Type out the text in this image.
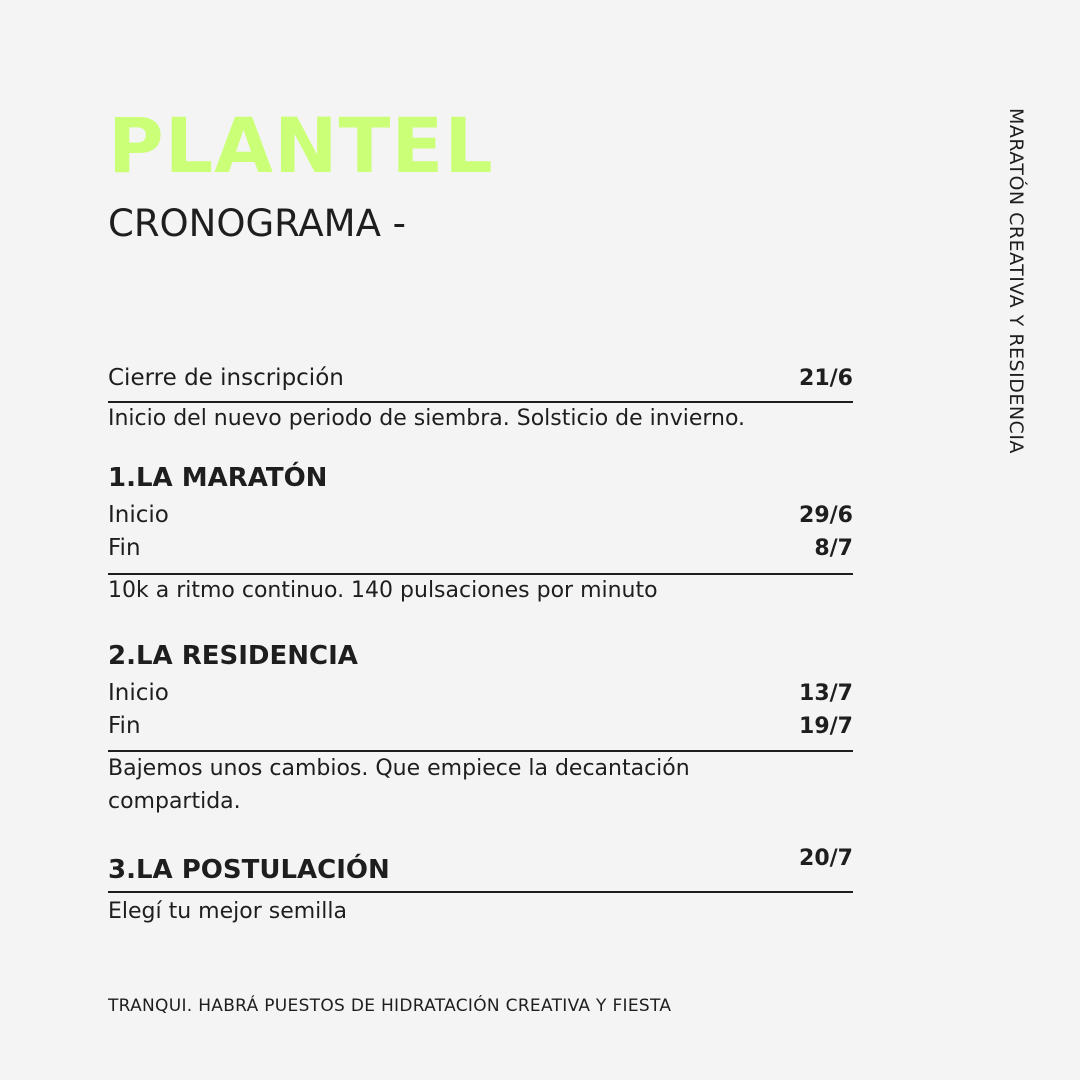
PLANTEL
CRONOGRAMA -	MARATÓN CREATIVA Y RESIDENCIA
Cierre de inscripción	21/6
Inicio del nuevo periodo de siembra. Solsticio de invierno.
1.LA MARATÓN
Inicio	29/6
Fin	8/7
10k a ritmo continuo. 140 pulsaciones por minuto
2.LA RESIDENCIA
Inicio	13/7
Fin	19/7
Bajemos unos cambios. Que empiece la decantación compartida.
3.LA POSTULACIÓN	20/7
Elegí tu mejor semilla
TRANQUI. HABRÁ PUESTOS DE HIDRATACIÓN CREATIVA Y FIESTA
